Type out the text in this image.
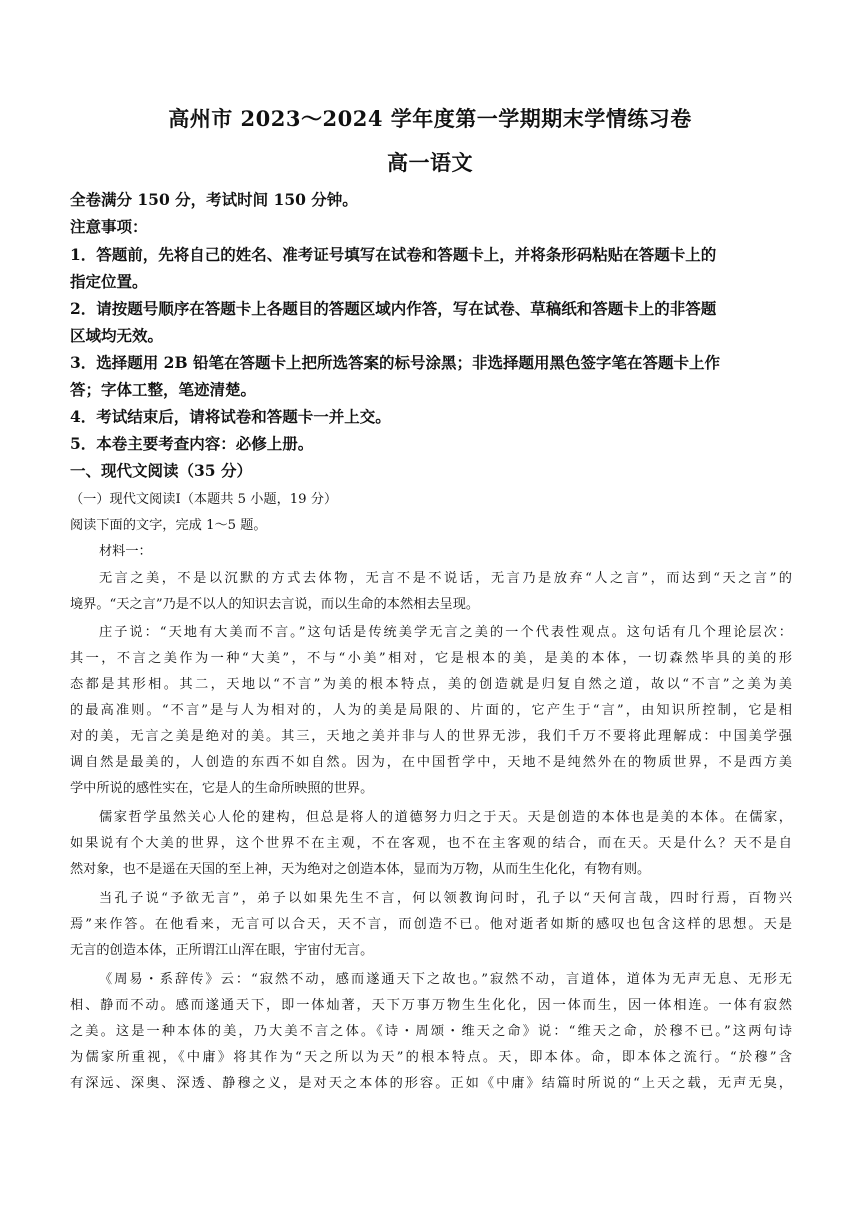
高州市 2023～2024 学年度第一学期期末学情练习卷
高一语文
全卷满分 150 分，考试时间 150 分钟。
注意事项：
1．答题前，先将自己的姓名、准考证号填写在试卷和答题卡上，并将条形码粘贴在答题卡上的
指定位置。
2．请按题号顺序在答题卡上各题目的答题区域内作答，写在试卷、草稿纸和答题卡上的非答题
区域均无效。
3．选择题用 2B 铅笔在答题卡上把所选答案的标号涂黑；非选择题用黑色签字笔在答题卡上作
答；字体工整，笔迹清楚。
4．考试结束后，请将试卷和答题卡一并上交。
5．本卷主要考查内容：必修上册。
一、现代文阅读（35 分）
（一）现代文阅读Ⅰ（本题共 5 小题，19 分）
阅读下面的文字，完成 1～5 题。
材料一：
无言之美，不是以沉默的方式去体物，无言不是不说话，无言乃是放弃“人之言”，而达到“天之言”的
境界。“天之言”乃是不以人的知识去言说，而以生命的本然相去呈现。
庄子说：“天地有大美而不言。”这句话是传统美学无言之美的一个代表性观点。这句话有几个理论层次：
其一，不言之美作为一种“大美”，不与“小美”相对，它是根本的美，是美的本体，一切森然毕具的美的形
态都是其形相。其二，天地以“不言”为美的根本特点，美的创造就是归复自然之道，故以“不言”之美为美
的最高准则。“不言”是与人为相对的，人为的美是局限的、片面的，它产生于“言”，由知识所控制，它是相
对的美，无言之美是绝对的美。其三，天地之美并非与人的世界无涉，我们千万不要将此理解成：中国美学强
调自然是最美的，人创造的东西不如自然。因为，在中国哲学中，天地不是纯然外在的物质世界，不是西方美
学中所说的感性实在，它是人的生命所映照的世界。
儒家哲学虽然关心人伦的建构，但总是将人的道德努力归之于天。天是创造的本体也是美的本体。在儒家，
如果说有个大美的世界，这个世界不在主观，不在客观，也不在主客观的结合，而在天。天是什么？天不是自
然对象，也不是遥在天国的至上神，天为绝对之创造本体，显而为万物，从而生生化化，有物有则。
当孔子说“予欲无言”，弟子以如果先生不言，何以领教询问时，孔子以“天何言哉，四时行焉，百物兴
焉”来作答。在他看来，无言可以合天，天不言，而创造不已。他对逝者如斯的感叹也包含这样的思想。天是
无言的创造本体，正所谓江山浑在眼，宇宙付无言。
《周易・系辞传》云：“寂然不动，感而遂通天下之故也。”寂然不动，言道体，道体为无声无息、无形无
相、静而不动。感而遂通天下，即一体灿著，天下万事万物生生化化，因一体而生，因一体相连。一体有寂然
之美。这是一种本体的美，乃大美不言之体。《诗・周颂・维天之命》说：“维天之命，於穆不已。”这两句诗
为儒家所重视，《中庸》将其作为“天之所以为天”的根本特点。天，即本体。命，即本体之流行。“於穆”含
有深远、深奥、深透、静穆之义，是对天之本体的形容。正如《中庸》结篇时所说的“上天之载，无声无臭，
